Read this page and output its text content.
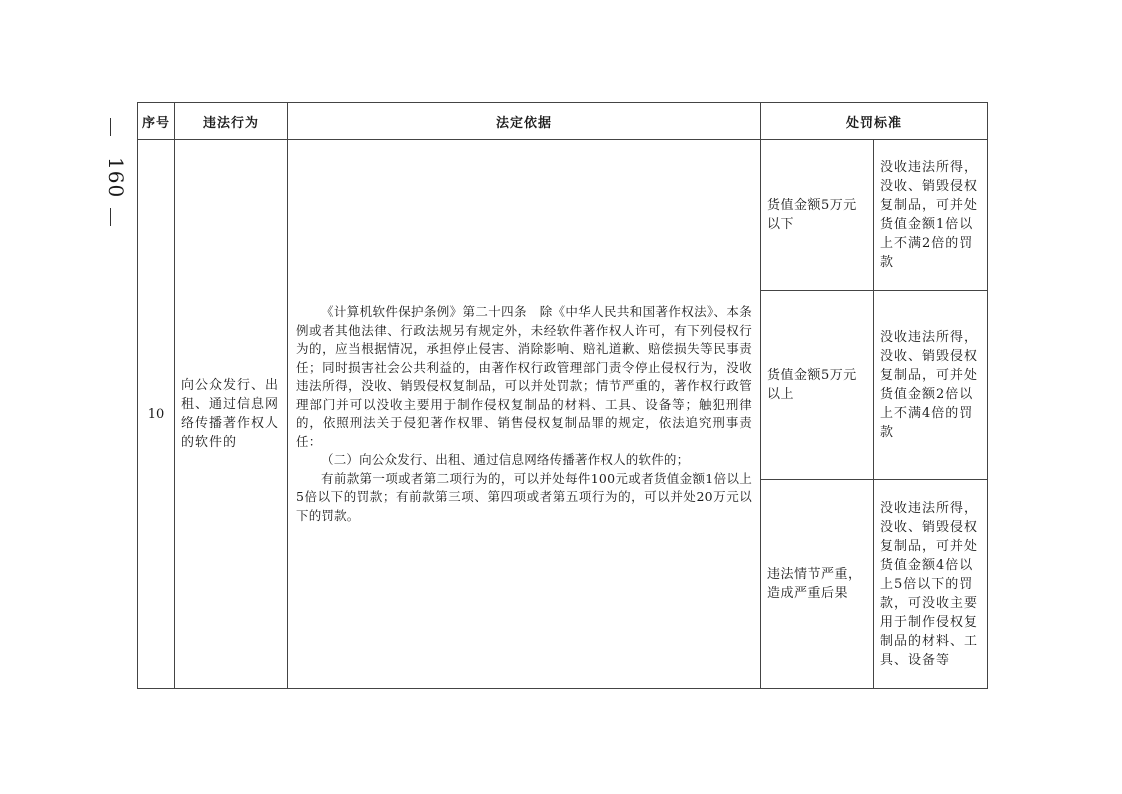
160
序号	违法行为	法定依据	处罚标准	
10	向公众发行、出租、通过信息网络传播著作权人的软件的	《计算机软件保护条例》第二十四条　除《中华人民共和国著作权法》、本条例或者其他法律、行政法规另有规定外，未经软件著作权人许可，有下列侵权行为的，应当根据情况，承担停止侵害、消除影响、赔礼道歉、赔偿损失等民事责任；同时损害社会公共利益的，由著作权行政管理部门责令停止侵权行为，没收违法所得，没收、销毁侵权复制品，可以并处罚款；情节严重的，著作权行政管理部门并可以没收主要用于制作侵权复制品的材料、工具、设备等；触犯刑律的，依照刑法关于侵犯著作权罪、销售侵权复制品罪的规定，依法追究刑事责任：

（二）向公众发行、出租、通过信息网络传播著作权人的软件的；

有前款第一项或者第二项行为的，可以并处每件100元或者货值金额1倍以上5倍以下的罚款；有前款第三项、第四项或者第五项行为的，可以并处20万元以下的罚款。	货值金额5万元以下	没收违法所得，没收、销毁侵权复制品，可并处货值金额1倍以上不满2倍的罚款
			货值金额5万元以上	没收违法所得，没收、销毁侵权复制品，可并处货值金额2倍以上不满4倍的罚款
			违法情节严重，造成严重后果	没收违法所得，没收、销毁侵权复制品，可并处货值金额4倍以上5倍以下的罚款，可没收主要用于制作侵权复制品的材料、工具、设备等
